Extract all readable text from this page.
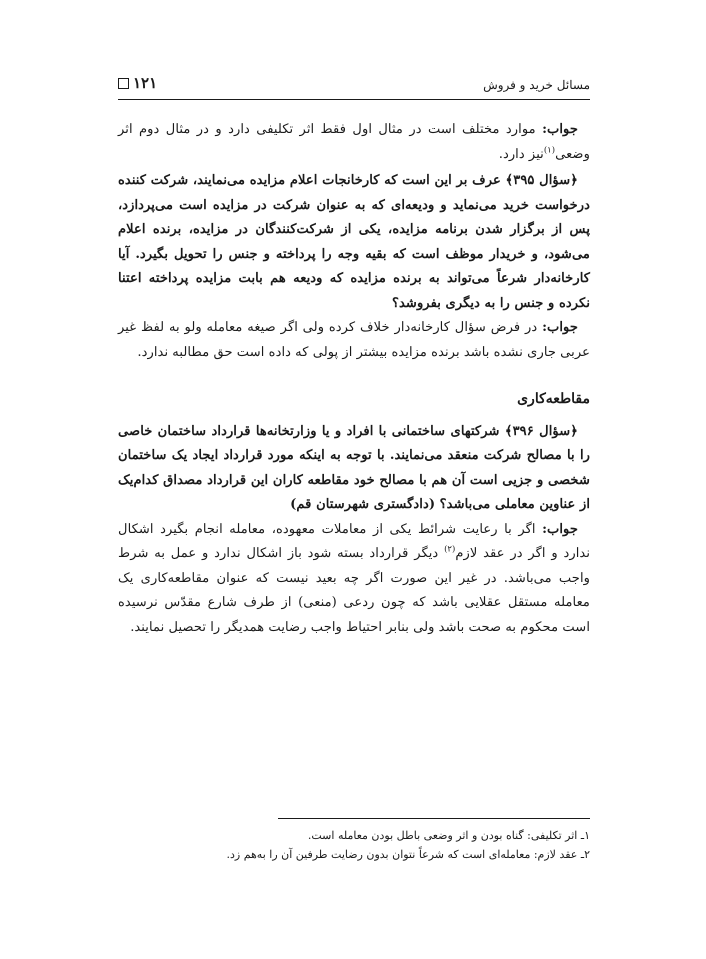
مسائل خرید و فروش
۱۲۱

جواب: موارد مختلف است در مثال اول فقط اثر تکلیفی دارد و در مثال دوم اثر وضعی$^{(۱)}$نیز دارد.

﴿سؤال ۳۹۵﴾ عرف بر این است که کارخانجات اعلام مزایده می‌نمایند، شرکت کننده درخواست خرید می‌نماید و ودیعه‌ای که به عنوان شرکت در مزایده است می‌پردازد، پس از برگزار شدن برنامه مزایده، یکی از شرکت‌کنندگان در مزایده، برنده اعلام می‌شود، و خریدار موظف است که بقیه وجه را پرداخته و جنس را تحویل بگیرد. آیا کارخانه‌دار شرعاً می‌تواند به برنده مزایده که ودیعه هم بابت مزایده پرداخته اعتنا نکرده و جنس را به دیگری بفروشد؟

جواب: در فرض سؤال کارخانه‌دار خلاف کرده ولی اگر صیغه معامله ولو به لفظ غیر عربی جاری نشده باشد برنده مزایده بیشتر از پولی که داده است حق مطالبه ندارد.

مقاطعه‌کاری

﴿سؤال ۳۹۶﴾ شرکتهای ساختمانی با افراد و یا وزارتخانه‌ها قرارداد ساختمان خاصی را با مصالح شرکت منعقد می‌نمایند. با توجه به اینکه مورد قرارداد ایجاد یک ساختمان شخصی و جزیی است آن هم با مصالح خود مقاطعه کاران این قرارداد مصداق کدام‌یک از عناوین معاملی می‌باشد؟ (دادگستری شهرستان قم)

جواب: اگر با رعایت شرائط یکی از معاملات معهوده، معامله انجام بگیرد اشکال ندارد و اگر در عقد لازم$^{(۲)}$ دیگر قرارداد بسته شود باز اشکال ندارد و عمل به شرط واجب می‌باشد. در غیر این صورت اگر چه بعید نیست که عنوان مقاطعه‌کاری یک معامله مستقل عقلایی باشد که چون ردعی (منعی) از طرف شارع مقدّس نرسیده است محکوم به صحت باشد ولی بنابر احتیاط واجب رضایت همدیگر را تحصیل نمایند.

۱ـ اثر تکلیفی: گناه بودن و اثر وضعی باطل بودن معامله است.

۲ـ عقد لازم: معامله‌ای است که شرعاً نتوان بدون رضایت طرفین آن را به‌هم زد.
